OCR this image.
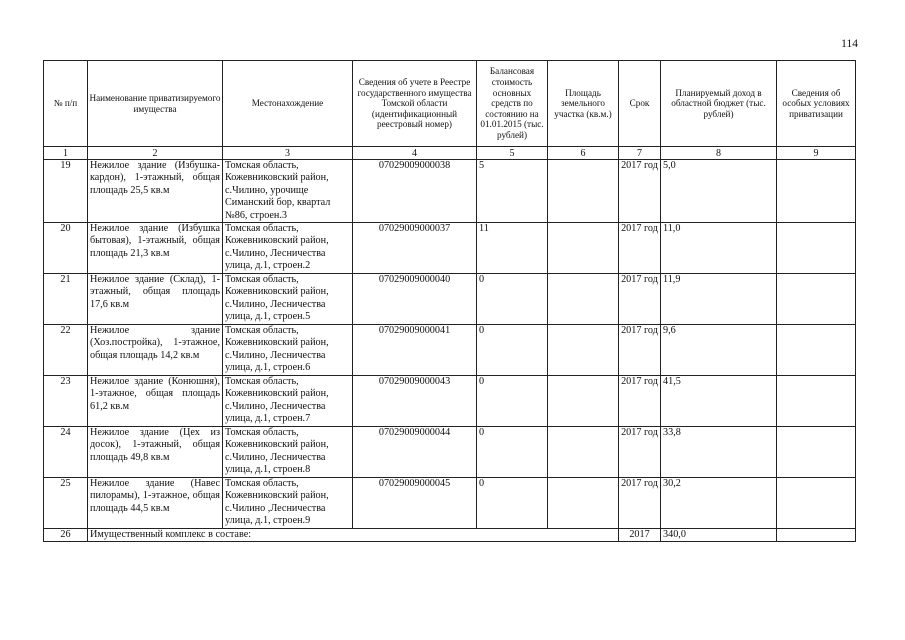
114
№ п/п	Наименование приватизируемого имущества	Местонахождение	Сведения об учете в Реестре государственного имущества Томской области (идентификационный реестровый номер)	Балансовая стоимость основных средств по состоянию на 01.01.2015 (тыс. рублей)	Площадь земельного участка (кв.м.)	Срок	Планируемый доход в областной бюджет (тыс. рублей)	Сведения об особых условиях приватизации
1	2	3	4	5	6	7	8	9
19	Нежилое здание (Избушка-кардон), 1-этажный, общая площадь 25,5 кв.м	Томская область, Кожевниковский район, с.Чилино, урочище Симанский бор, квартал №86, строен.3	07029009000038	5		2017 год	5,0	
20	Нежилое здание (Избушка бытовая), 1-этажный, общая площадь 21,3 кв.м	Томская область, Кожевниковский район, с.Чилино, Лесничества улица, д.1, строен.2	07029009000037	11		2017 год	11,0	
21	Нежилое здание (Склад), 1-этажный, общая площадь 17,6 кв.м	Томская область, Кожевниковский район, с.Чилино, Лесничества улица, д.1, строен.5	07029009000040	0		2017 год	11,9	
22	Нежилое здание (Хоз.постройка), 1-этажное, общая площадь 14,2 кв.м	Томская область, Кожевниковский район, с.Чилино, Лесничества улица, д.1, строен.6	07029009000041	0		2017 год	9,6	
23	Нежилое здание (Конюшня), 1-этажное, общая площадь 61,2 кв.м	Томская область, Кожевниковский район, с.Чилино, Лесничества улица, д.1, строен.7	07029009000043	0		2017 год	41,5	
24	Нежилое здание (Цех из досок), 1-этажный, общая площадь 49,8 кв.м	Томская область, Кожевниковский район, с.Чилино, Лесничества улица, д.1, строен.8	07029009000044	0		2017 год	33,8	
25	Нежилое здание (Навес пилорамы), 1-этажное, общая площадь 44,5 кв.м	Томская область, Кожевниковский район, с.Чилино ,Лесничества улица, д.1, строен.9	07029009000045	0		2017 год	30,2	
26	Имущественный комплекс в составе:					2017	340,0	
